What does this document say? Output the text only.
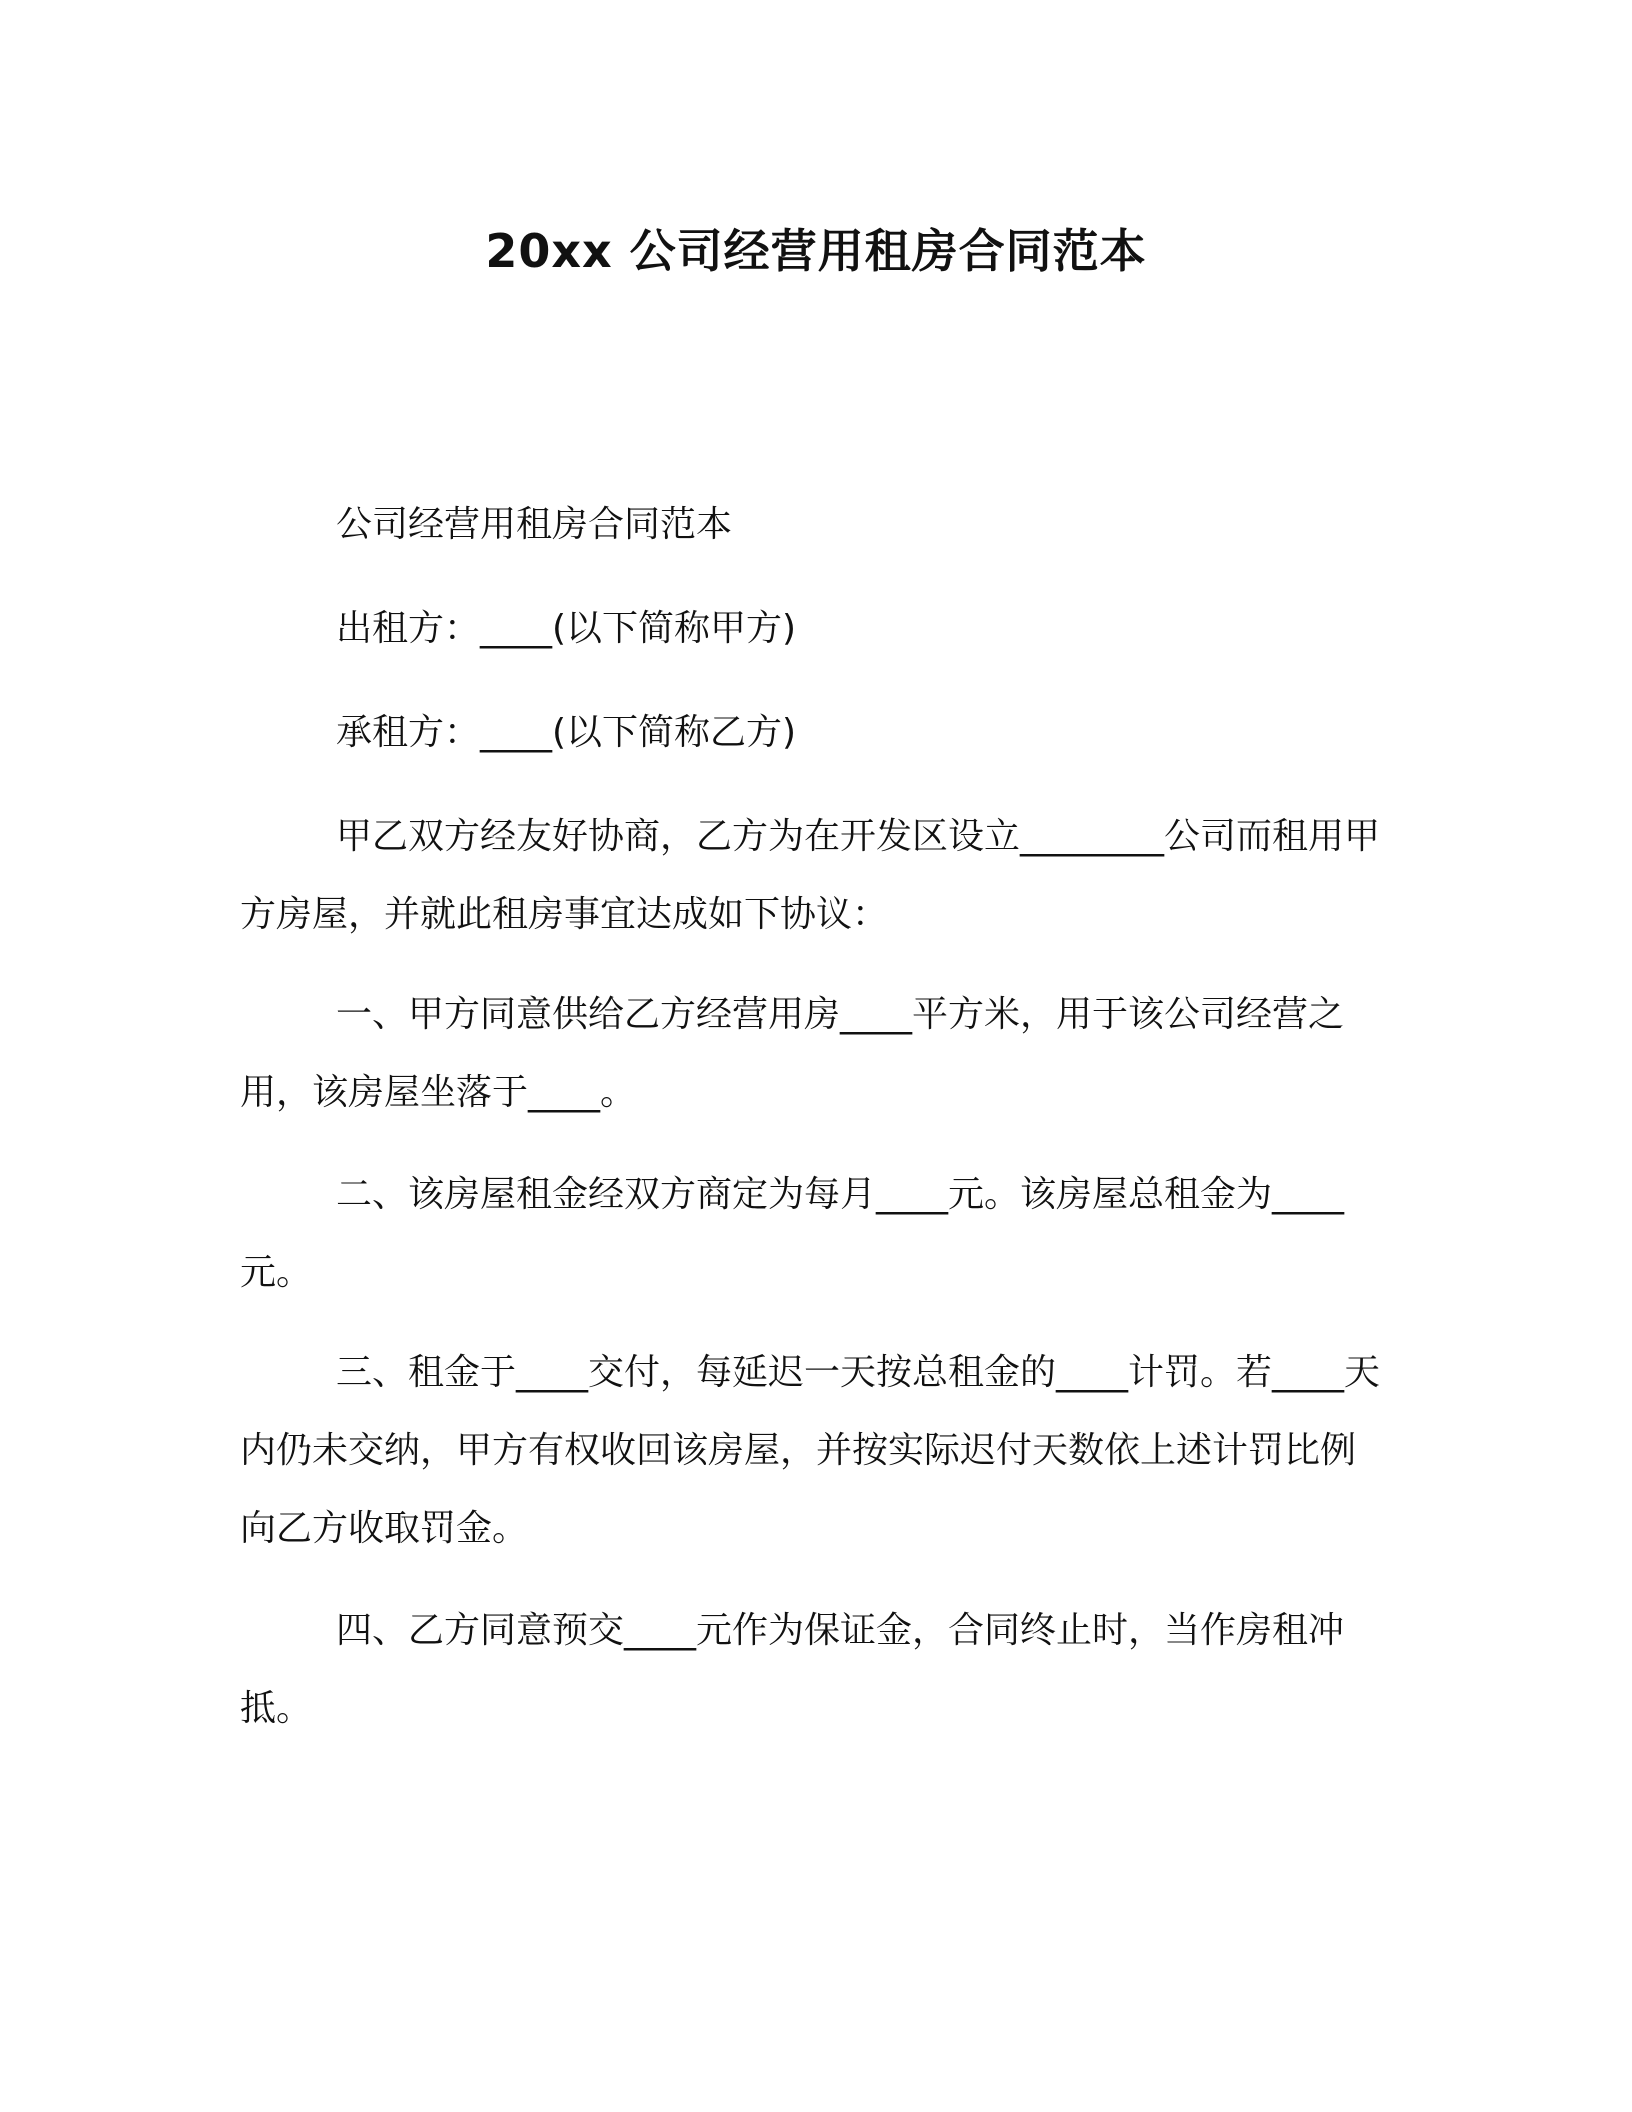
20xx 公司经营用租房合同范本

公司经营用租房合同范本

出租方：____(以下简称甲方)

承租方：____(以下简称乙方)

甲乙双方经友好协商，乙方为在开发区设立________公司而租用甲方房屋，并就此租房事宜达成如下协议：

一、甲方同意供给乙方经营用房____平方米，用于该公司经营之用，该房屋坐落于____。

二、该房屋租金经双方商定为每月____元。该房屋总租金为____元。

三、租金于____交付，每延迟一天按总租金的____计罚。若____天内仍未交纳，甲方有权收回该房屋，并按实际迟付天数依上述计罚比例向乙方收取罚金。

四、乙方同意预交____元作为保证金，合同终止时，当作房租冲抵。
